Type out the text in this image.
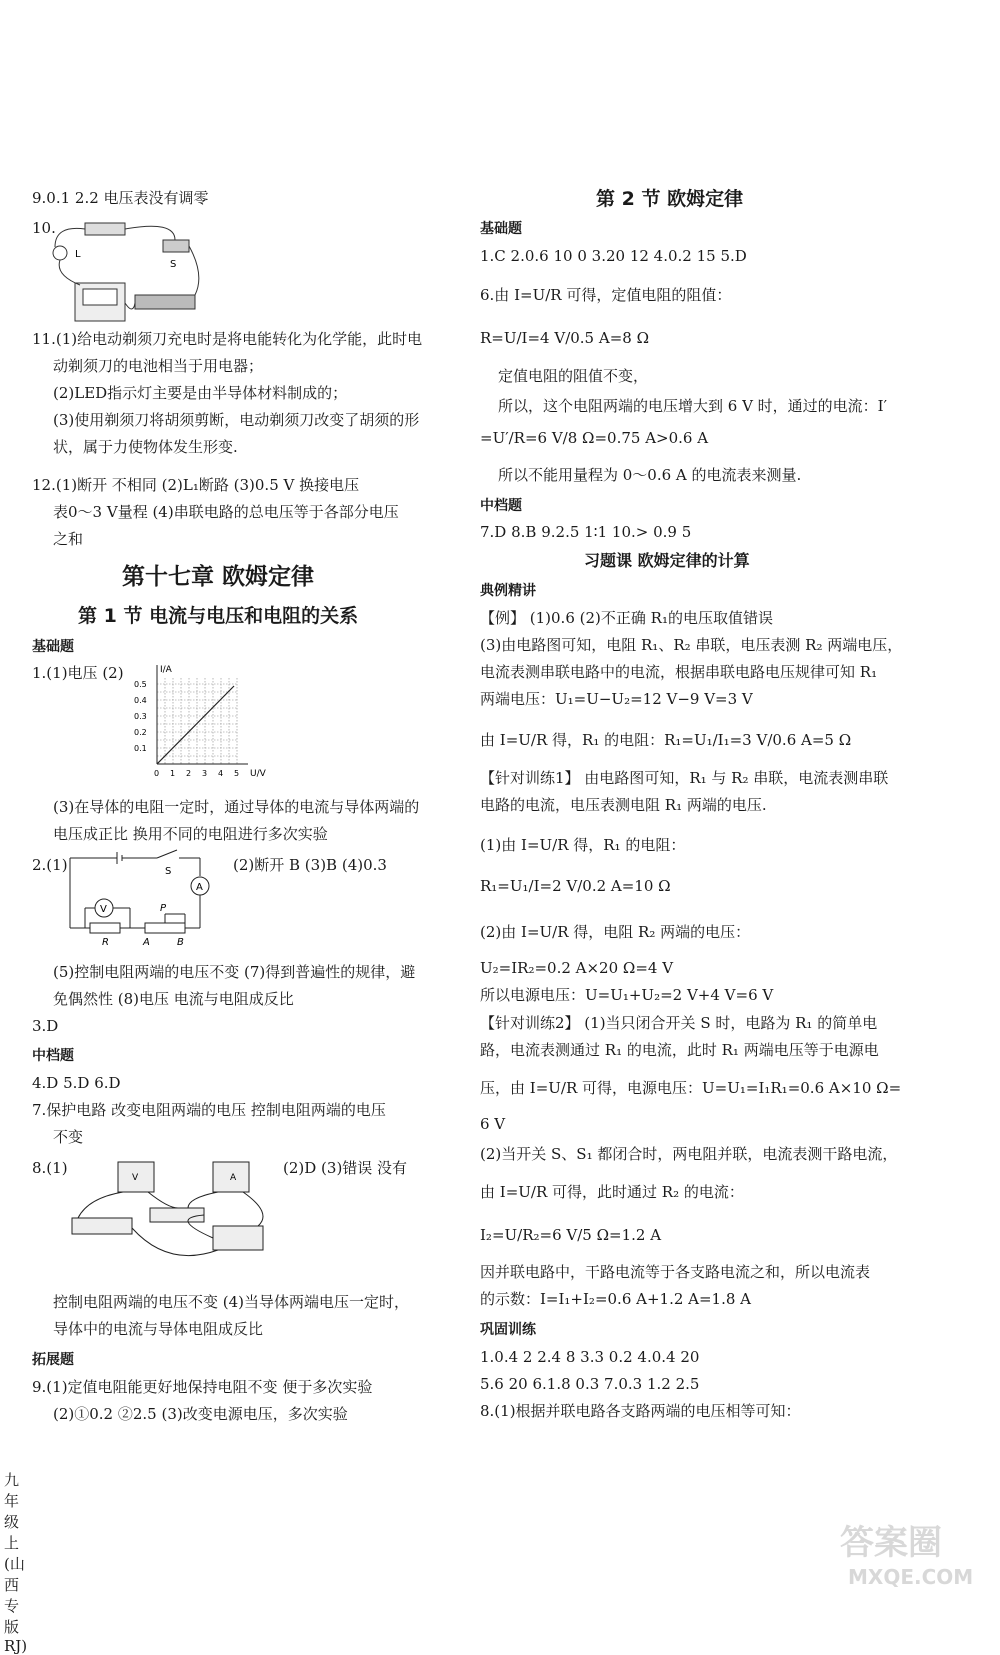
9.0.1 2.2 电压表没有调零
10.
L
S
11.(1)给电动剃须刀充电时是将电能转化为化学能，此时电
动剃须刀的电池相当于用电器；
(2)LED指示灯主要是由半导体材料制成的；
(3)使用剃须刀将胡须剪断，电动剃须刀改变了胡须的形
状，属于力使物体发生形变.
12.(1)断开 不相同 (2)L₁断路 (3)0.5 V 换接电压
表0～3 V量程 (4)串联电路的总电压等于各部分电压
之和
第十七章 欧姆定律
第 1 节 电流与电压和电阻的关系
基础题
1.(1)电压 (2)	I/A
U/V
0.5
0.4
0.3
0.2
0.1
0 1 2 3 4 5
(3)在导体的电阻一定时，通过导体的电流与导体两端的
电压成正比 换用不同的电阻进行多次实验
2.(1)	S
A
V
R
P
A	B
(2)断开 B (3)B (4)0.3
(5)控制电阻两端的电压不变 (7)得到普遍性的规律，避
免偶然性 (8)电压 电流与电阻成反比
3.D
中档题
4.D 5.D 6.D
7.保护电路 改变电阻两端的电压 控制电阻两端的电压
不变
8.(1)
A
V
(2)D (3)错误 没有
控制电阻两端的电压不变 (4)当导体两端电压一定时，
导体中的电流与导体电阻成反比
拓展题
9.(1)定值电阻能更好地保持电阻不变 便于多次实验
(2)①0.2 ②2.5 (3)改变电源电压，多次实验
九年级上 (山西专版 RJ)
第 2 节 欧姆定律
基础题
1.C 2.0.6 10 0 3.20 12 4.0.2 15 5.D
6.由 I=U/R 可得，定值电阻的阻值：
R=U/I=4 V/0.5 A=8 Ω
定值电阻的阻值不变，
所以，这个电阻两端的电压增大到 6 V 时，通过的电流：I′
=U′/R=6 V/8 Ω=0.75 A>0.6 A
所以不能用量程为 0～0.6 A 的电流表来测量.
中档题
7.D 8.B 9.2.5 1∶1 10.> 0.9 5
习题课 欧姆定律的计算
典例精讲
【例】 (1)0.6 (2)不正确 R₁的电压取值错误
(3)由电路图可知，电阻 R₁、R₂ 串联，电压表测 R₂ 两端电压，
电流表测串联电路中的电流，根据串联电路电压规律可知 R₁
两端电压：U₁=U−U₂=12 V−9 V=3 V
由 I=U/R 得，R₁ 的电阻：R₁=U₁/I₁=3 V/0.6 A=5 Ω
【针对训练1】 由电路图可知，R₁ 与 R₂ 串联，电流表测串联
电路的电流，电压表测电阻 R₁ 两端的电压.
(1)由 I=U/R 得，R₁ 的电阻：
R₁=U₁/I=2 V/0.2 A=10 Ω
(2)由 I=U/R 得，电阻 R₂ 两端的电压：
U₂=IR₂=0.2 A×20 Ω=4 V
所以电源电压：U=U₁+U₂=2 V+4 V=6 V
【针对训练2】 (1)当只闭合开关 S 时，电路为 R₁ 的简单电
路，电流表测通过 R₁ 的电流，此时 R₁ 两端电压等于电源电
压，由 I=U/R 可得，电源电压：U=U₁=I₁R₁=0.6 A×10 Ω=
6 V
(2)当开关 S、S₁ 都闭合时，两电阻并联，电流表测干路电流，
由 I=U/R 可得，此时通过 R₂ 的电流：
I₂=U/R₂=6 V/5 Ω=1.2 A
因并联电路中，干路电流等于各支路电流之和，所以电流表
的示数：I=I₁+I₂=0.6 A+1.2 A=1.8 A
巩固训练
1.0.4 2 2.4 8 3.3 0.2 4.0.4 20
5.6 20 6.1.8 0.3 7.0.3 1.2 2.5
8.(1)根据并联电路各支路两端的电压相等可知：
答案圈
MXQE.COM
